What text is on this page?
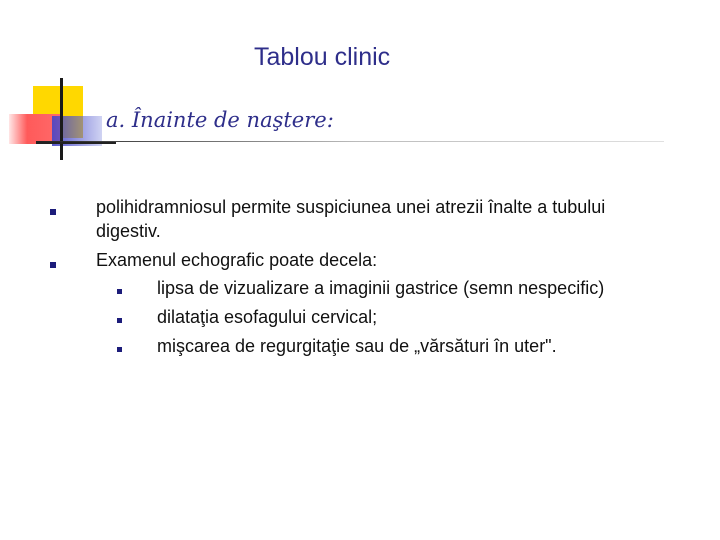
Tablou clinic
a. Înainte de naştere:
polihidramniosul permite suspiciunea unei atrezii înalte a tubului
digestiv.
Examenul echografic poate decela:
lipsa de vizualizare a imaginii gastrice (semn nespecific)
dilataţia esofagului cervical;
mişcarea de regurgitaţie sau de „vărsături în uter".
